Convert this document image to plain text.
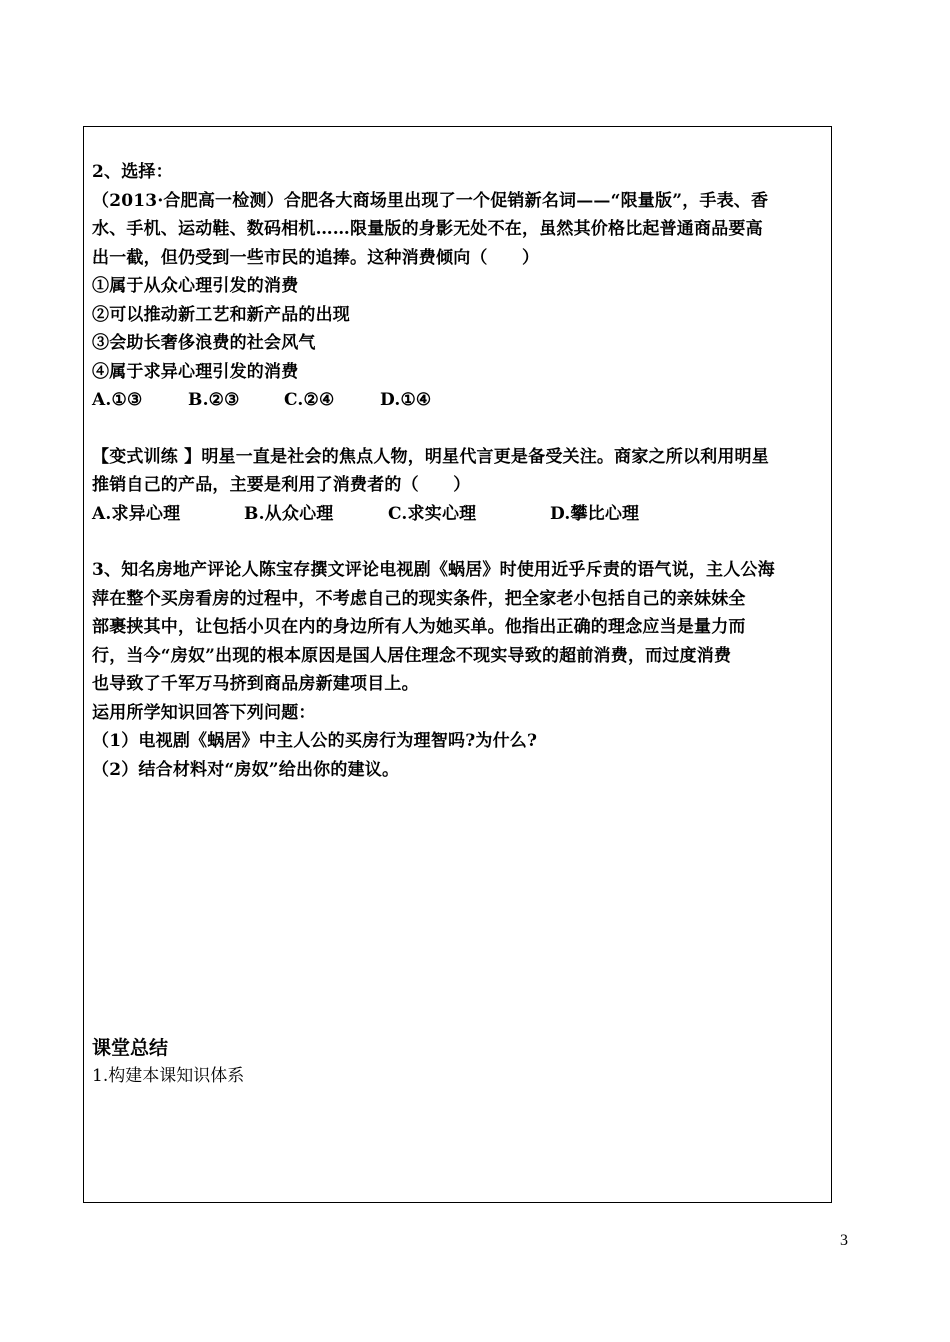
2、选择：

（2013·合肥高一检测）合肥各大商场里出现了一个促销新名词——“限量版”，手表、香

水、手机、运动鞋、数码相机……限量版的身影无处不在，虽然其价格比起普通商品要高

出一截，但仍受到一些市民的追捧。这种消费倾向（　　）

①属于从众心理引发的消费

②可以推动新工艺和新产品的出现

③会助长奢侈浪费的社会风气

④属于求异心理引发的消费

A.①③	B.②③	C.②④	D.①④

【变式训练 】明星一直是社会的焦点人物，明星代言更是备受关注。商家之所以利用明星

推销自己的产品，主要是利用了消费者的（　　）

A.求异心理	B.从众心理	C.求实心理	D.攀比心理

3、知名房地产评论人陈宝存撰文评论电视剧《蜗居》时使用近乎斥责的语气说，主人公海

萍在整个买房看房的过程中，不考虑自己的现实条件，把全家老小包括自己的亲妹妹全

部裹挟其中，让包括小贝在内的身边所有人为她买单。他指出正确的理念应当是量力而

行，当今“房奴”出现的根本原因是国人居住理念不现实导致的超前消费，而过度消费

也导致了千军万马挤到商品房新建项目上。

运用所学知识回答下列问题：

（1）电视剧《蜗居》中主人公的买房行为理智吗?为什么?

（2）结合材料对“房奴”给出你的建议。

课堂总结

1.构建本课知识体系

3
